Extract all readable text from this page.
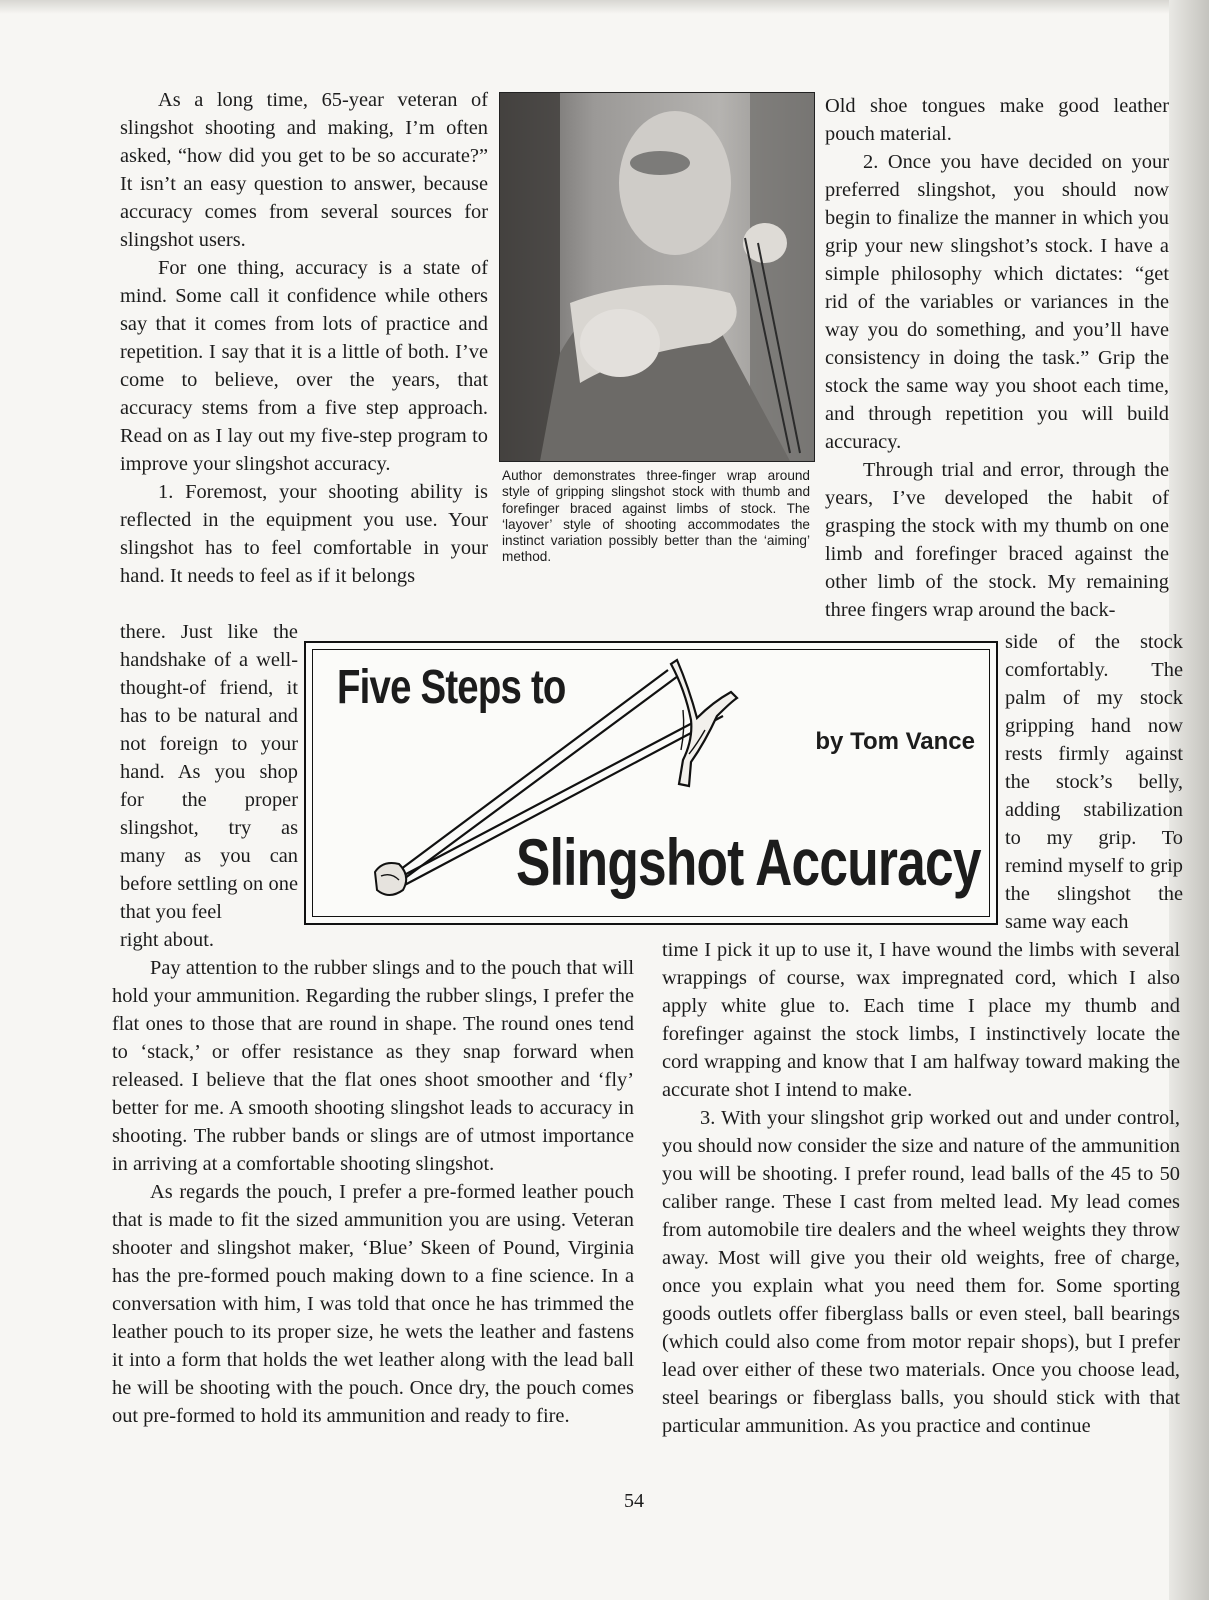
As a long time, 65-year veteran of slingshot shooting and making, I’m often asked, “how did you get to be so accurate?” It isn’t an easy question to answer, because accuracy comes from several sources for slingshot users.

For one thing, accuracy is a state of mind. Some call it confidence while others say that it comes from lots of practice and repetition. I say that it is a little of both. I’ve come to believe, over the years, that accuracy stems from a five step approach. Read on as I lay out my five-step program to improve your slingshot accuracy.

1. Foremost, your shooting ability is reflected in the equipment you use. Your slingshot has to feel comfortable in your hand. It needs to feel as if it belongs

there. Just like the handshake of a well-thought-of friend, it has to be natural and not foreign to your hand. As you shop for the proper slingshot, try as many as you can before settling on one that you feel

right about.

Pay attention to the rubber slings and to the pouch that will hold your ammunition. Regarding the rubber slings, I prefer the flat ones to those that are round in shape. The round ones tend to ‘stack,’ or offer resistance as they snap forward when released. I believe that the flat ones shoot smoother and ‘fly’ better for me. A smooth shooting slingshot leads to accuracy in shooting. The rubber bands or slings are of utmost importance in arriving at a comfortable shooting slingshot.

As regards the pouch, I prefer a pre-formed leather pouch that is made to fit the sized ammunition you are using. Veteran shooter and slingshot maker, ‘Blue’ Skeen of Pound, Virginia has the pre-formed pouch making down to a fine science. In a conversation with him, I was told that once he has trimmed the leather pouch to its proper size, he wets the leather and fastens it into a form that holds the wet leather along with the lead ball he will be shooting with the pouch. Once dry, the pouch comes out pre-formed to hold its ammunition and ready to fire.

Author demonstrates three-finger wrap around style of gripping slingshot stock with thumb and forefinger braced against limbs of stock. The ‘layover’ style of shooting accommodates the instinct variation possibly better than the ‘aiming’ method.

Old shoe tongues make good leather pouch material.

2. Once you have decided on your preferred slingshot, you should now begin to finalize the manner in which you grip your new slingshot’s stock. I have a simple philosophy which dictates: “get rid of the variables or variances in the way you do something, and you’ll have consistency in doing the task.” Grip the stock the same way you shoot each time, and through repetition you will build accuracy.

Through trial and error, through the years, I’ve developed the habit of grasping the stock with my thumb on one limb and forefinger braced against the other limb of the stock. My remaining three fingers wrap around the back-

side of the stock comfortably. The palm of my stock gripping hand now rests firmly against the stock’s belly, adding stabilization to my grip. To remind myself to grip the slingshot the same way each

time I pick it up to use it, I have wound the limbs with several wrappings of course, wax impregnated cord, which I also apply white glue to. Each time I place my thumb and forefinger against the stock limbs, I instinctively locate the cord wrapping and know that I am halfway toward making the accurate shot I intend to make.

3. With your slingshot grip worked out and under control, you should now consider the size and nature of the ammunition you will be shooting. I prefer round, lead balls of the 45 to 50 caliber range. These I cast from melted lead. My lead comes from automobile tire dealers and the wheel weights they throw away. Most will give you their old weights, free of charge, once you explain what you need them for. Some sporting goods outlets offer fiberglass balls or even steel, ball bearings (which could also come from motor repair shops), but I prefer lead over either of these two materials. Once you choose lead, steel bearings or fiberglass balls, you should stick with that particular ammunition. As you practice and continue

Five Steps to
by Tom Vance
Slingshot Accuracy
54
